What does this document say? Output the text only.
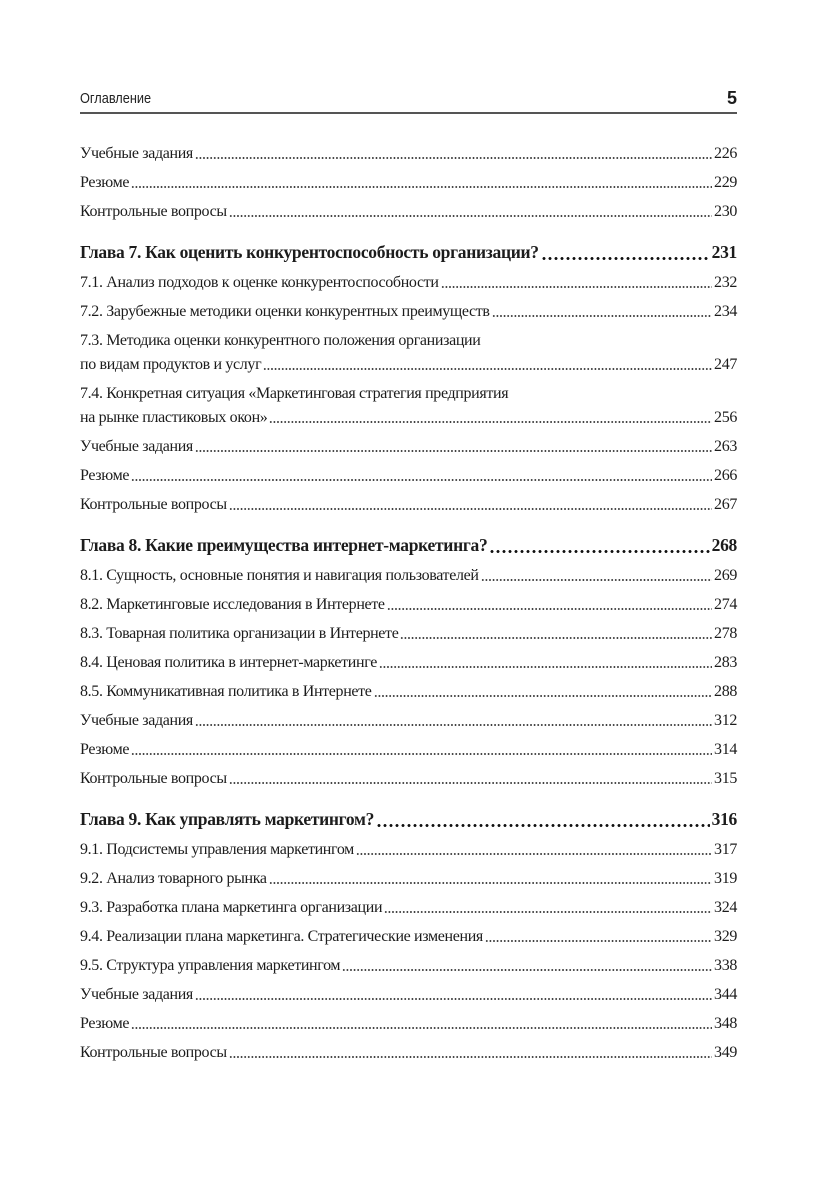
Оглавление	5
Учебные задания	226
Резюме	229
Контрольные вопросы	230
Глава 7. Как оценить конкурентоспособность организации?	231
7.1. Анализ подходов к оценке конкурентоспособности	232
7.2. Зарубежные методики оценки конкурентных преимуществ	234
7.3. Методика оценки конкурентного положения организации
по видам продуктов и услуг	247
7.4. Конкретная ситуация «Маркетинговая стратегия предприятия
на рынке пластиковых окон»	256
Учебные задания	263
Резюме	266
Контрольные вопросы	267
Глава 8. Какие преимущества интернет-маркетинга?	268
8.1. Сущность, основные понятия и навигация пользователей	269
8.2. Маркетинговые исследования в Интернете	274
8.3. Товарная политика организации в Интернете	278
8.4. Ценовая политика в интернет-маркетинге	283
8.5. Коммуникативная политика в Интернете	288
Учебные задания	312
Резюме	314
Контрольные вопросы	315
Глава 9. Как управлять маркетингом?	316
9.1. Подсистемы управления маркетингом	317
9.2. Анализ товарного рынка	319
9.3. Разработка плана маркетинга организации	324
9.4. Реализации плана маркетинга. Стратегические изменения	329
9.5. Структура управления маркетингом	338
Учебные задания	344
Резюме	348
Контрольные вопросы	349
